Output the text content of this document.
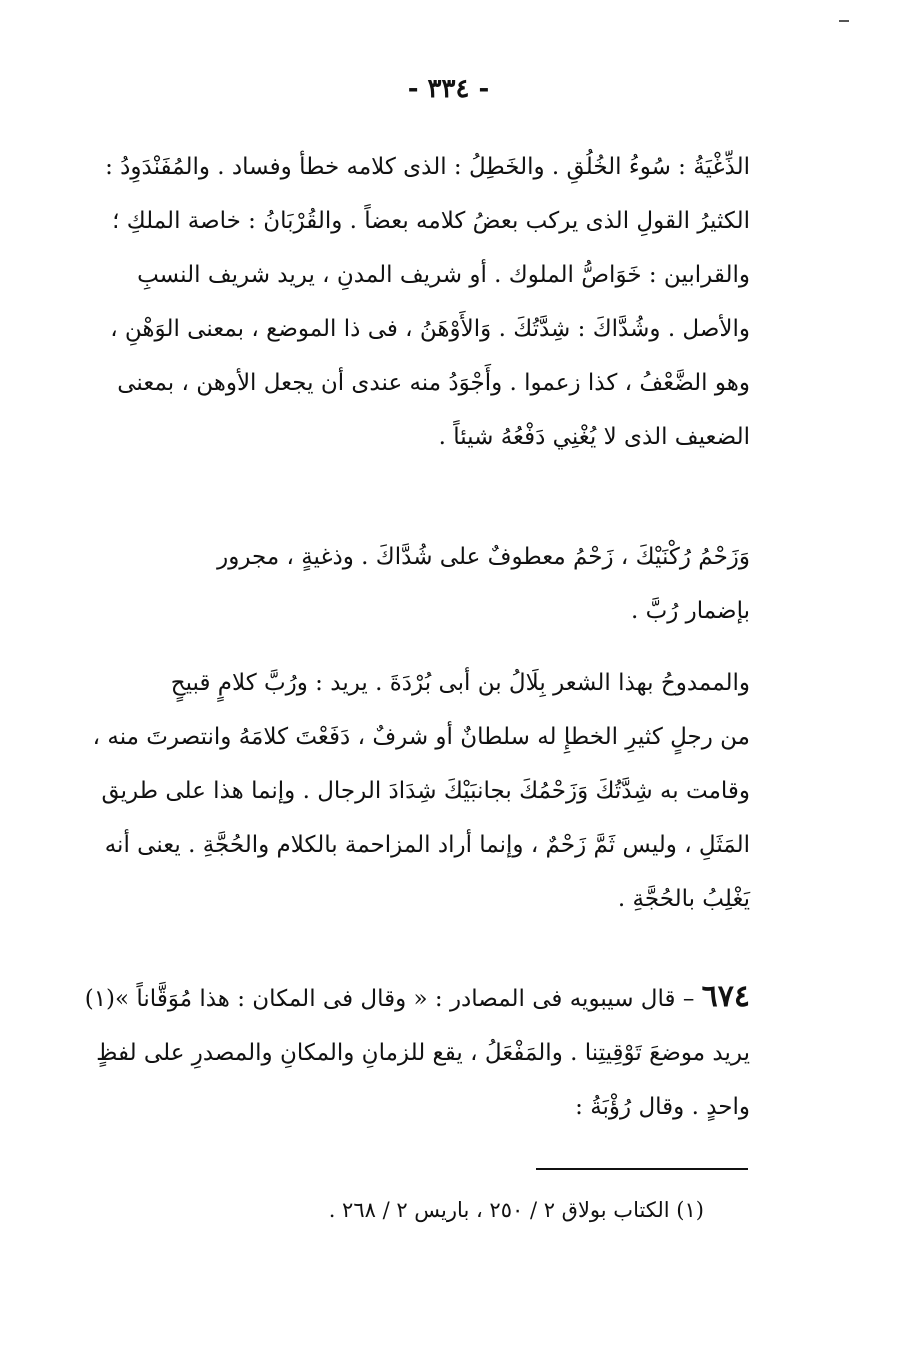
- ٣٣٤ -
الذِّغْيَةُ : سُوءُ الخُلُقِ . والخَطِلُ : الذى كلامه خطأ وفساد . والمُفَنْدَوِدُ :
الكثيرُ القولِ الذى يركب بعضُ كلامه بعضاً . والقُرْبَانُ : خاصة الملكِ ؛
والقرابين : خَوَاصُّ الملوك . أو شريف المدنِ ، يريد شريف النسبِ
والأصل . وشُدَّاكَ : شِدَّتُكَ . وَالأَوْهَنُ ، فى ذا الموضع ، بمعنى الوَهْنِ ،
وهو الضَّعْفُ ، كذا زعموا . وأَجْوَدُ منه عندى أن يجعل الأوهن ، بمعنى
الضعيف الذى لا يُغْنِي دَفْعُهُ شيئاً .
وَزَحْمُ رُكْنَيْكَ ، زَحْمُ معطوفٌ على شُدَّاكَ . وذغيةٍ ، مجرور
بإضمار رُبَّ .
والممدوحُ بهذا الشعر بِلَالُ بن أبى بُرْدَةَ . يريد : ورُبَّ كلامٍ قبيحٍ
من رجلٍ كثيرِ الخطإِ له سلطانٌ أو شرفٌ ، دَفَعْتَ كلامَهُ وانتصرتَ منه ،
وقامت به شِدَّتُكَ وَزَحْمُكَ بجانبَيْكَ شِدَادَ الرجال . وإنما هذا على طريق
المَثَلِ ، وليس ثَمَّ زَحْمٌ ، وإنما أراد المزاحمة بالكلام والحُجَّةِ . يعنى أنه
يَغْلِبُ بالحُجَّةِ .
٦٧٤ – قال سيبويه فى المصادر : « وقال فى المكان : هذا مُوَقَّاناً »(١)
يريد موضعَ تَوْقِيتِنا . والمَفْعَلُ ، يقع للزمانِ والمكانِ والمصدرِ على لفظٍ
واحدٍ . وقال رُؤْبَةُ :
(١) الكتاب بولاق ٢ / ٢٥٠ ، باريس ٢ / ٢٦٨ .
